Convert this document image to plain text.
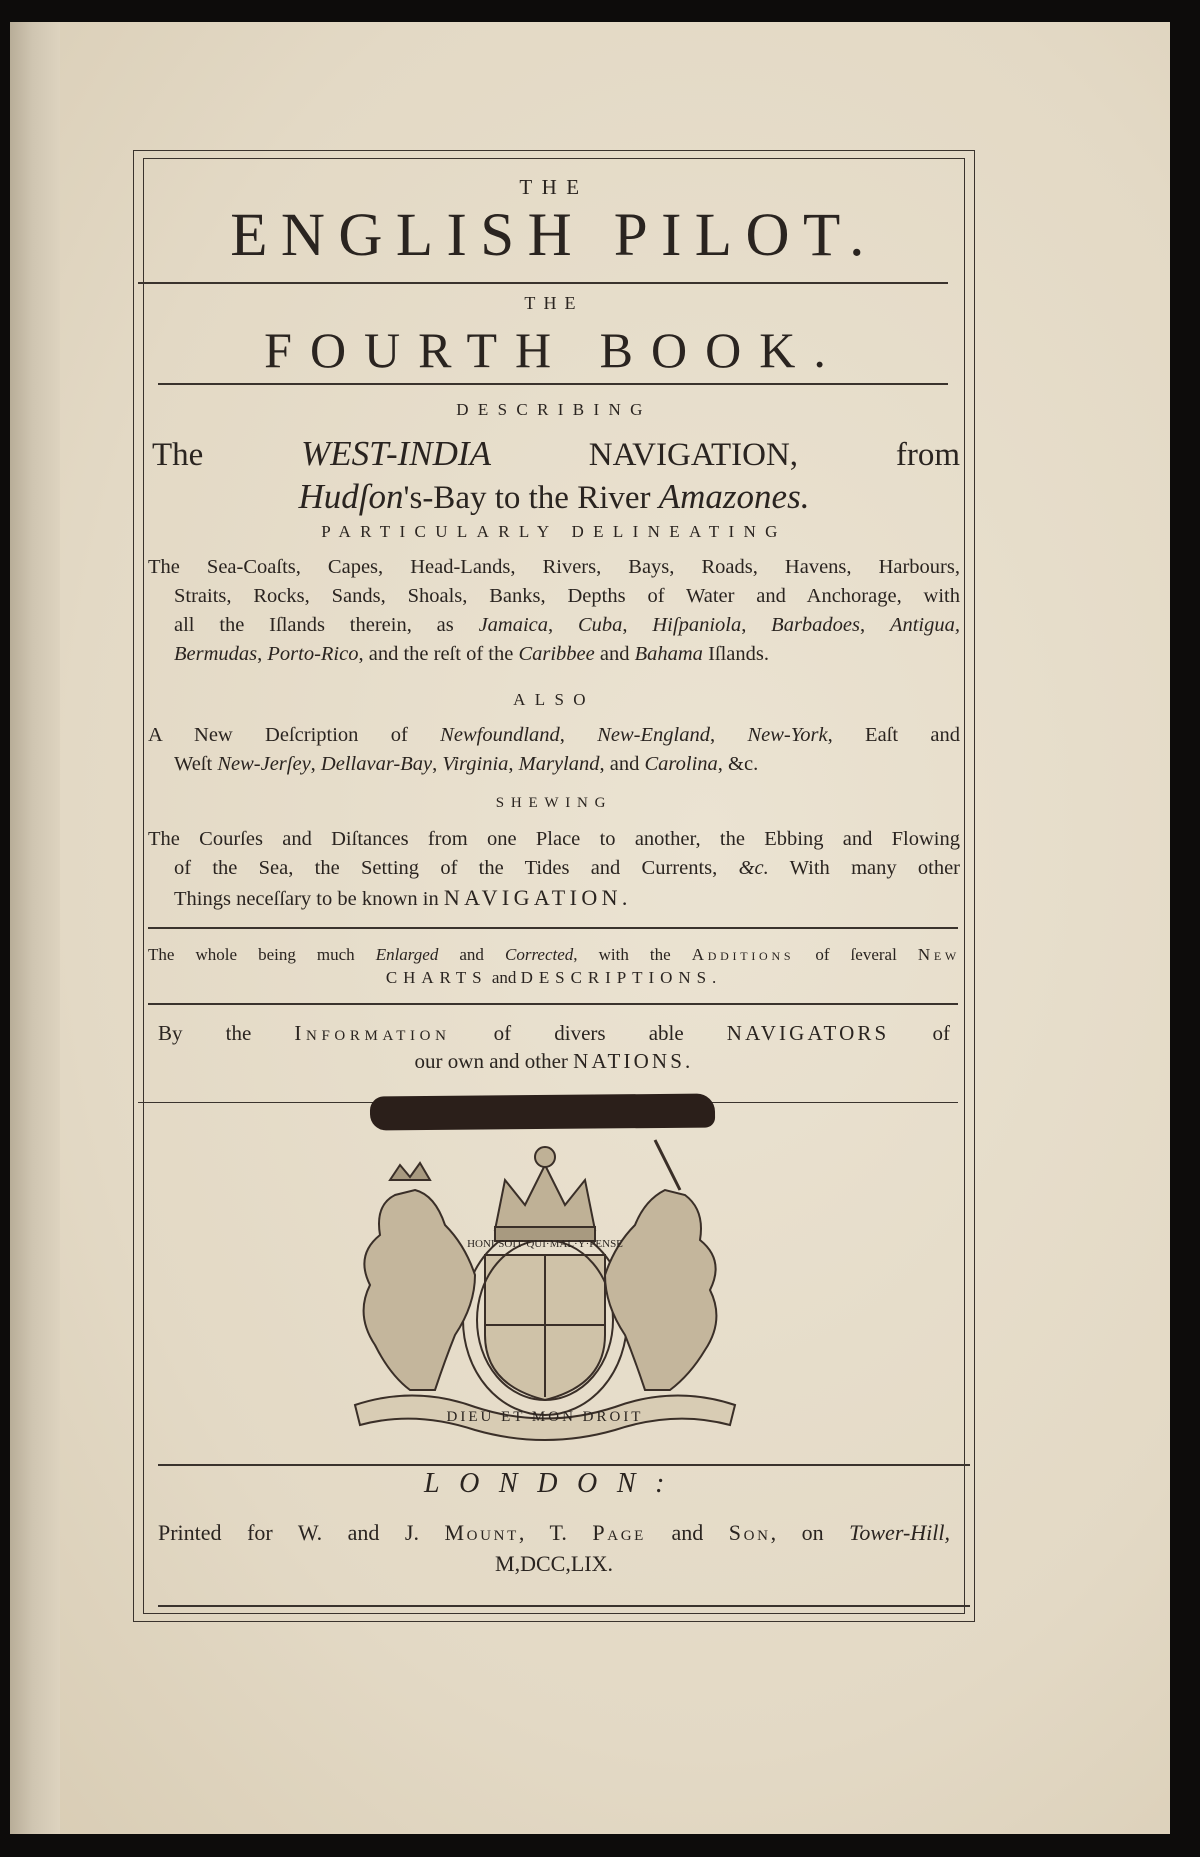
THE
ENGLISH PILOT.
THE
FOURTH BOOK.
DESCRIBING
The WEST-INDIA NAVIGATION, from
Hudſon's-Bay to the River Amazones.
PARTICULARLY DELINEATING
The Sea-Coaſts, Capes, Head-Lands, Rivers, Bays, Roads, Havens, Harbours,
Straits, Rocks, Sands, Shoals, Banks, Depths of Water and Anchorage, with
all the Iſlands therein, as Jamaica, Cuba, Hiſpaniola, Barbadoes, Antigua,
Bermudas, Porto-Rico, and the reſt of the Caribbee and Bahama Iſlands.
ALSO
A New Deſcription of Newfoundland, New-England, New-York, Eaſt and
Weſt New-Jerſey, Dellavar-Bay, Virginia, Maryland, and Carolina, &c.
SHEWING
The Courſes and Diſtances from one Place to another, the Ebbing and Flowing
of the Sea, the Setting of the Tides and Currents, &c. With many other
Things neceſſary to be known in NAVIGATION.
The whole being much Enlarged and Corrected, with the Additions of ſeveral New
CHARTS and DESCRIPTIONS.
By the Information of divers able NAVIGATORS of
our own and other NATIONS.
HONI·SOIT·QUI·MAL·Y·PENSE
DIEU ET MON DROIT
LONDON:
Printed for W. and J. Mount, T. Page and Son, on Tower-Hill,
M,DCC,LIX.
